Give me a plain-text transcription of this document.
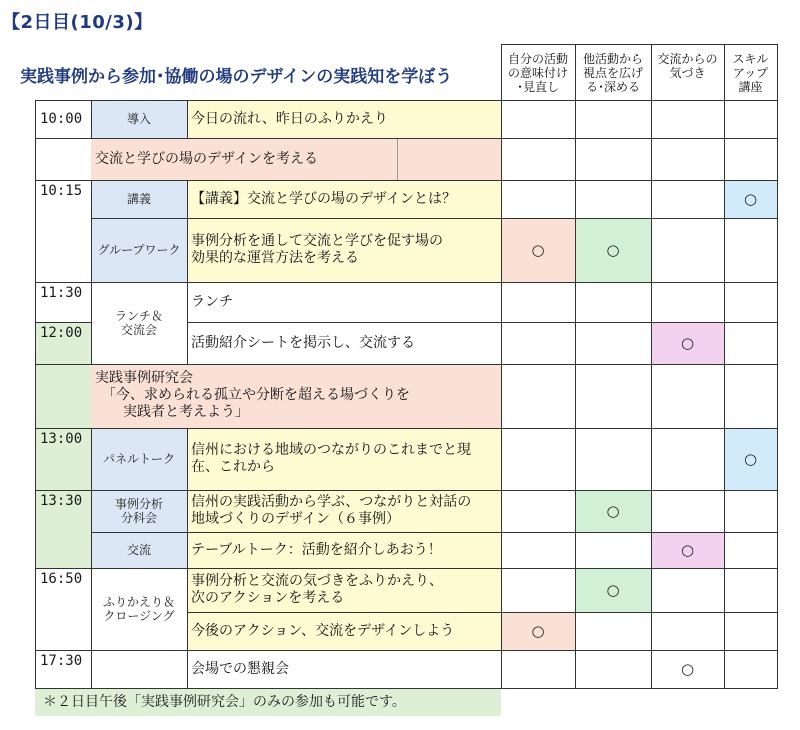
【2日目(10/3)】
実践事例から参加･協働の場のデザインの実践知を学ぼう
自分の活動
の意味付け
･見直し
他活動から
視点を広げ
る･深める
交流からの
気づき
スキル
アップ
講座
導入
講義
グループワーク
ランチ＆
交流会
パネルトーク
事例分析
分科会
交流
ふりかえり＆
クロージング
今日の流れ、昨日のふりかえり
交流と学びの場のデザインを考える
【講義】交流と学びの場のデザインとは？
事例分析を通して交流と学びを促す場の
効果的な運営方法を考える
ランチ
活動紹介シートを掲示し、交流する
実践事例研究会
　「今、求められる孤立や分断を超える場づくりを
　　実践者と考えよう」
信州における地域のつながりのこれまでと現
在、これから
信州の実践活動から学ぶ、つながりと対話の
地域づくりのデザイン（６事例）
テーブルトーク：活動を紹介しあおう！
事例分析と交流の気づきをふりかえり、
次のアクションを考える
今後のアクション、交流をデザインしよう
会場での懇親会
○	○
○
○
○
○
○
○
○
○
＊２日目午後「実践事例研究会」のみの参加も可能です。
10:00
10:15
11:30
12:00
13:00
13:30
16:50
17:30
